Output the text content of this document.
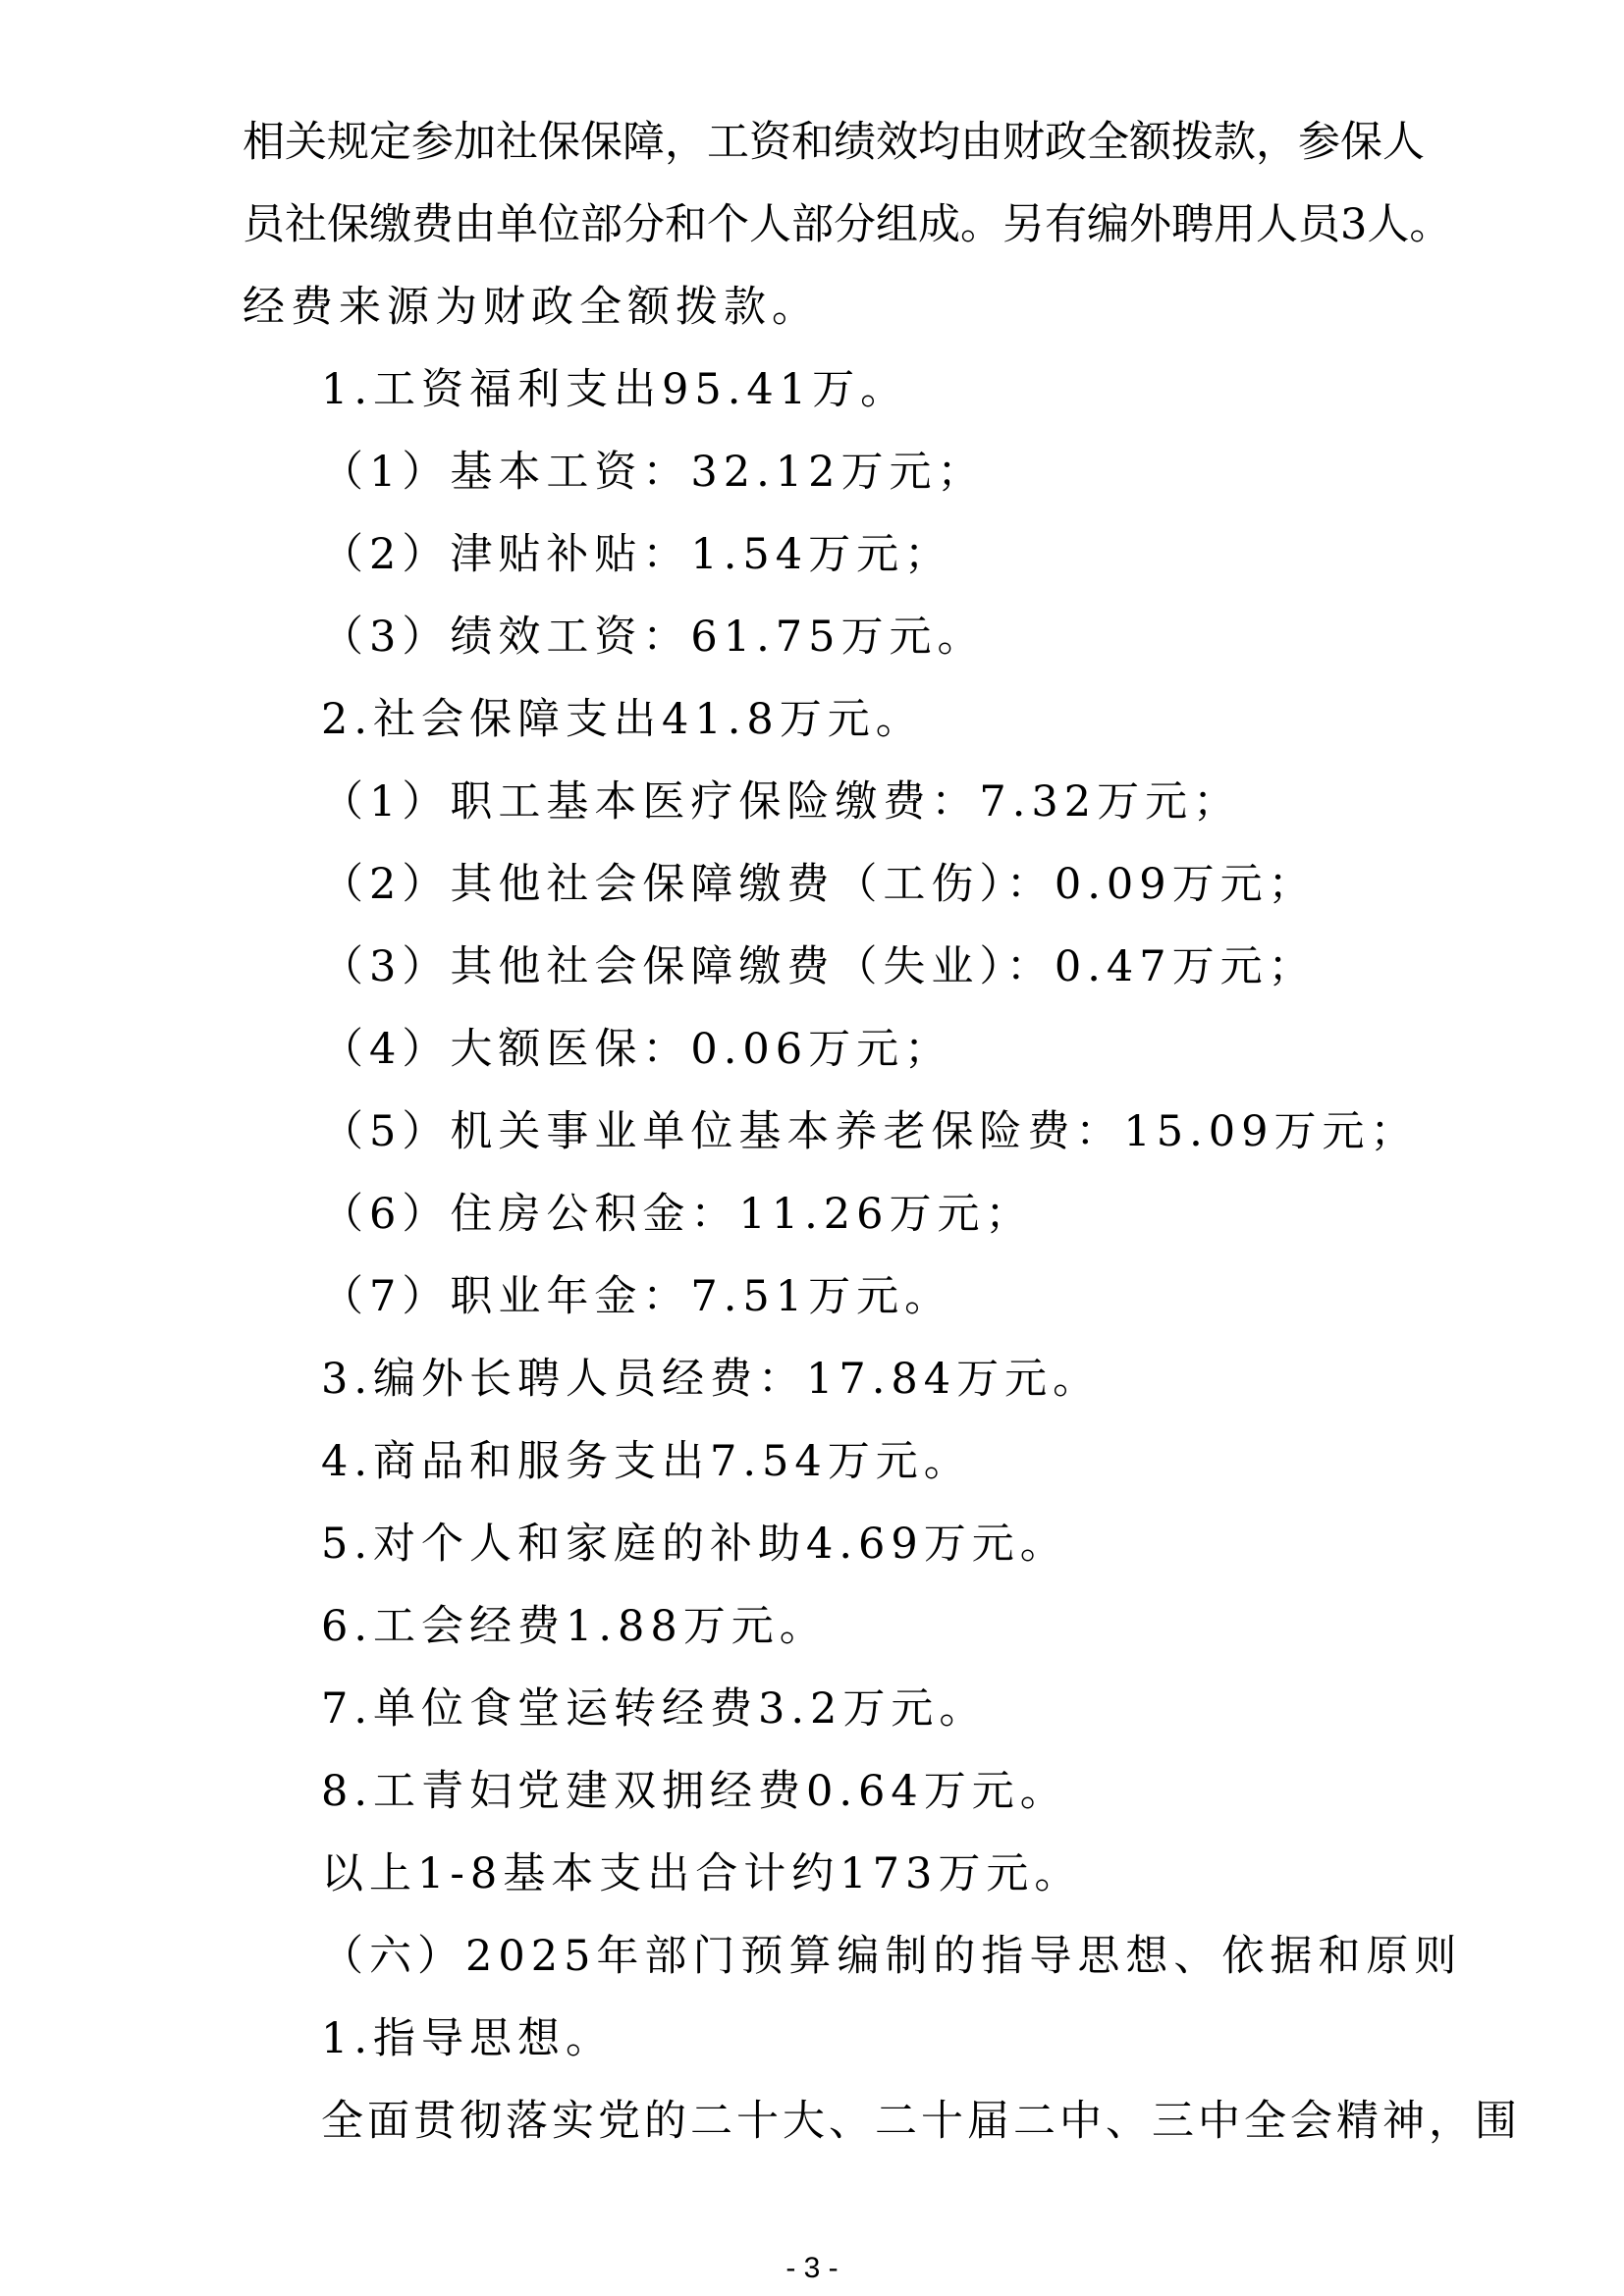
相关规定参加社保保障，工资和绩效均由财政全额拨款，参保人
员社保缴费由单位部分和个人部分组成。另有编外聘用人员3人。
经费来源为财政全额拨款。
1.工资福利支出95.41万。
（1）基本工资：32.12万元；
（2）津贴补贴：1.54万元；
（3）绩效工资：61.75万元。
2.社会保障支出41.8万元。
（1）职工基本医疗保险缴费：7.32万元；
（2）其他社会保障缴费（工伤）：0.09万元；
（3）其他社会保障缴费（失业）：0.47万元；
（4）大额医保：0.06万元；
（5）机关事业单位基本养老保险费：15.09万元；
（6）住房公积金：11.26万元；
（7）职业年金：7.51万元。
3.编外长聘人员经费：17.84万元。
4.商品和服务支出7.54万元。
5.对个人和家庭的补助4.69万元。
6.工会经费1.88万元。
7.单位食堂运转经费3.2万元。
8.工青妇党建双拥经费0.64万元。
以上1-8基本支出合计约173万元。
（六）2025年部门预算编制的指导思想、依据和原则
1.指导思想。
全面贯彻落实党的二十大、二十届二中、三中全会精神，围
- 3 -
